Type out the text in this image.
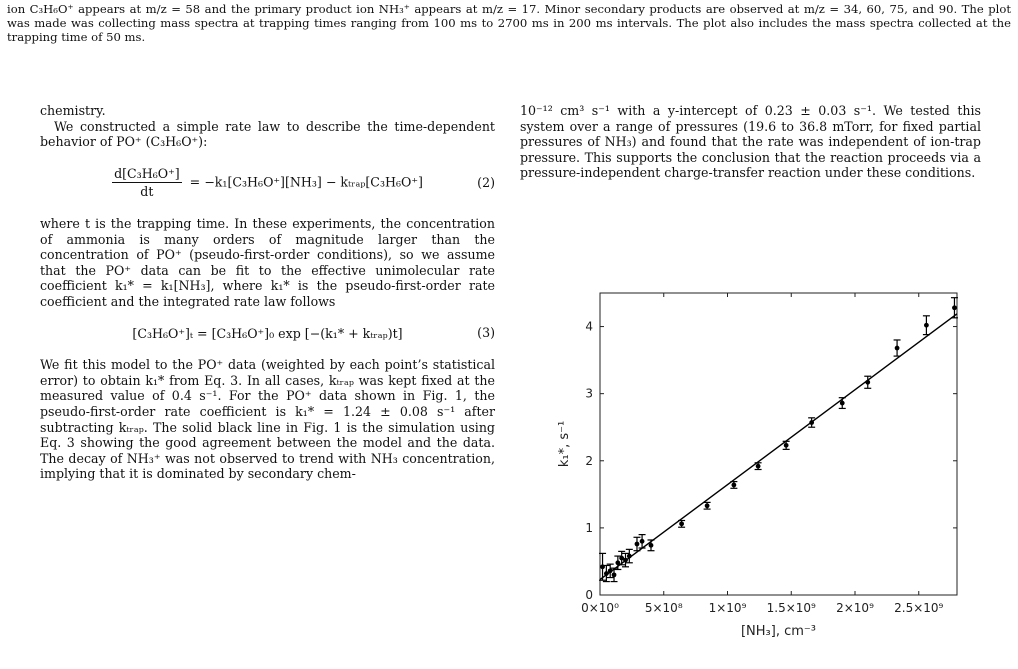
ion C₃H₆O⁺ appears at m/z = 58 and the primary product ion NH₃⁺ appears at m/z = 17. Minor secondary products are observed at m/z = 34, 60, 75, and 90. The plot was made was collecting mass spectra at trapping times ranging from 100 ms to 2700 ms in 200 ms intervals. The plot also includes the mass spectra collected at the trapping time of 50 ms.

chemistry.

We constructed a simple rate law to describe the time-dependent behavior of PO⁺ (C₃H₆O⁺):

$\frac{\text{d[C₃H₆O⁺]}}{dt} = -k_1[C_3H_6O^+][NH_3]$ − kₜᵣₐₚ[C₃H₆O⁺]	(2)

where t is the trapping time. In these experiments, the concentration of ammonia is many orders of magnitude larger than the concentration of PO⁺ (pseudo-first-order conditions), so we assume that the PO⁺ data can be fit to the effective unimolecular rate coefficient k₁* = k₁[NH₃], where k₁* is the pseudo-first-order rate coefficient and the integrated rate law follows

[C₃H₆O⁺]ₜ = [C₃H₆O⁺]₀ exp [−(k₁* + kₜᵣₐₚ)t]	(3)

We fit this model to the PO⁺ data (weighted by each point’s statistical error) to obtain k₁* from Eq. 3. In all cases, kₜᵣₐₚ was kept fixed at the measured value of 0.4 s⁻¹. For the PO⁺ data shown in Fig. 1, the pseudo-first-order rate coefficient is k₁* = 1.24 ± 0.08 s⁻¹ after subtracting kₜᵣₐₚ. The solid black line in Fig. 1 is the simulation using Eq. 3 showing the good agreement between the model and the data. The decay of NH₃⁺ was not observed to trend with NH₃ concentration, implying that it is dominated by secondary chem-

10⁻¹² cm³ s⁻¹ with a y-intercept of 0.23 ± 0.03 s⁻¹. We tested this system over a range of pressures (19.6 to 36.8 mTorr, for fixed partial pressures of NH₃) and found that the rate was independent of ion-trap pressure. This supports the conclusion that the reaction proceeds via a pressure-independent charge-transfer reaction under these conditions.

0×10⁰ 5×10⁸ 1×10⁹ 1.5×10⁹ 2×10⁹ 2.5×10⁹
0
1
2
3
4
[NH₃], cm⁻³
k₁*, s⁻¹
